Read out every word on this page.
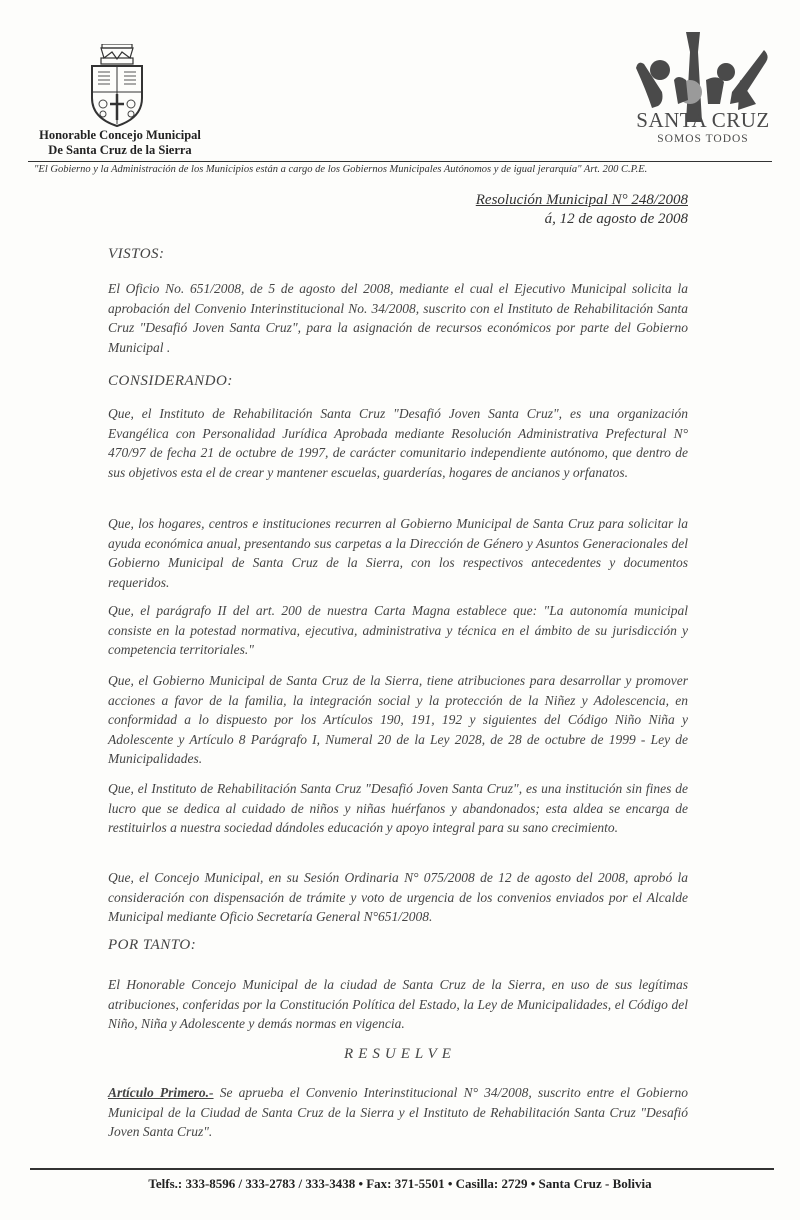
Honorable Concejo Municipal
De Santa Cruz de la Sierra
SANTA CRUZ
SOMOS TODOS
"El Gobierno y la Administración de los Municipios están a cargo de los Gobiernos Municipales Autónomos y de igual jerarquía" Art. 200 C.P.E.
Resolución Municipal N° 248/2008
á, 12 de agosto de 2008
VISTOS:

El Oficio No. 651/2008, de 5 de agosto del 2008, mediante el cual el Ejecutivo Municipal solicita la aprobación del Convenio Interinstitucional No. 34/2008, suscrito con el Instituto de Rehabilitación Santa Cruz "Desafió Joven Santa Cruz", para la asignación de recursos económicos por parte del Gobierno Municipal .

CONSIDERANDO:

Que, el Instituto de Rehabilitación Santa Cruz "Desafió Joven Santa Cruz", es una organización Evangélica con Personalidad Jurídica Aprobada mediante Resolución Administrativa Prefectural N° 470/97 de fecha 21 de octubre de 1997, de carácter comunitario independiente autónomo, que dentro de sus objetivos esta el de crear y mantener escuelas, guarderías, hogares de ancianos y orfanatos.

Que, los hogares, centros e instituciones recurren al Gobierno Municipal de Santa Cruz para solicitar la ayuda económica anual, presentando sus carpetas a la Dirección de Género y Asuntos Generacionales del Gobierno Municipal de Santa Cruz de la Sierra, con los respectivos antecedentes y documentos requeridos.

Que, el parágrafo II del art. 200 de nuestra Carta Magna establece que: "La autonomía municipal consiste en la potestad normativa, ejecutiva, administrativa y técnica en el ámbito de su jurisdicción y competencia territoriales."

Que, el Gobierno Municipal de Santa Cruz de la Sierra, tiene atribuciones para desarrollar y promover acciones a favor de la familia, la integración social y la protección de la Niñez y Adolescencia, en conformidad a lo dispuesto por los Artículos 190, 191, 192 y siguientes del Código Niño Niña y Adolescente y Artículo 8 Parágrafo I, Numeral 20 de la Ley 2028, de 28 de octubre de 1999 - Ley de Municipalidades.

Que, el Instituto de Rehabilitación Santa Cruz "Desafió Joven Santa Cruz", es una institución sin fines de lucro que se dedica al cuidado de niños y niñas huérfanos y abandonados; esta aldea se encarga de restituirlos a nuestra sociedad dándoles educación y apoyo integral para su sano crecimiento.

Que, el Concejo Municipal, en su Sesión Ordinaria N° 075/2008 de 12 de agosto del 2008, aprobó la consideración con dispensación de trámite y voto de urgencia de los convenios enviados por el Alcalde Municipal mediante Oficio Secretaría General N°651/2008.

POR TANTO:

El Honorable Concejo Municipal de la ciudad de Santa Cruz de la Sierra, en uso de sus legítimas atribuciones, conferidas por la Constitución Política del Estado, la Ley de Municipalidades, el Código del Niño, Niña y Adolescente y demás normas en vigencia.

RESUELVE

Artículo Primero.- Se aprueba el Convenio Interinstitucional N° 34/2008, suscrito entre el Gobierno Municipal de la Ciudad de Santa Cruz de la Sierra y el Instituto de Rehabilitación Santa Cruz "Desafió Joven Santa Cruz".

Telfs.: 333-8596 / 333-2783 / 333-3438 • Fax: 371-5501 • Casilla: 2729 • Santa Cruz - Bolivia
